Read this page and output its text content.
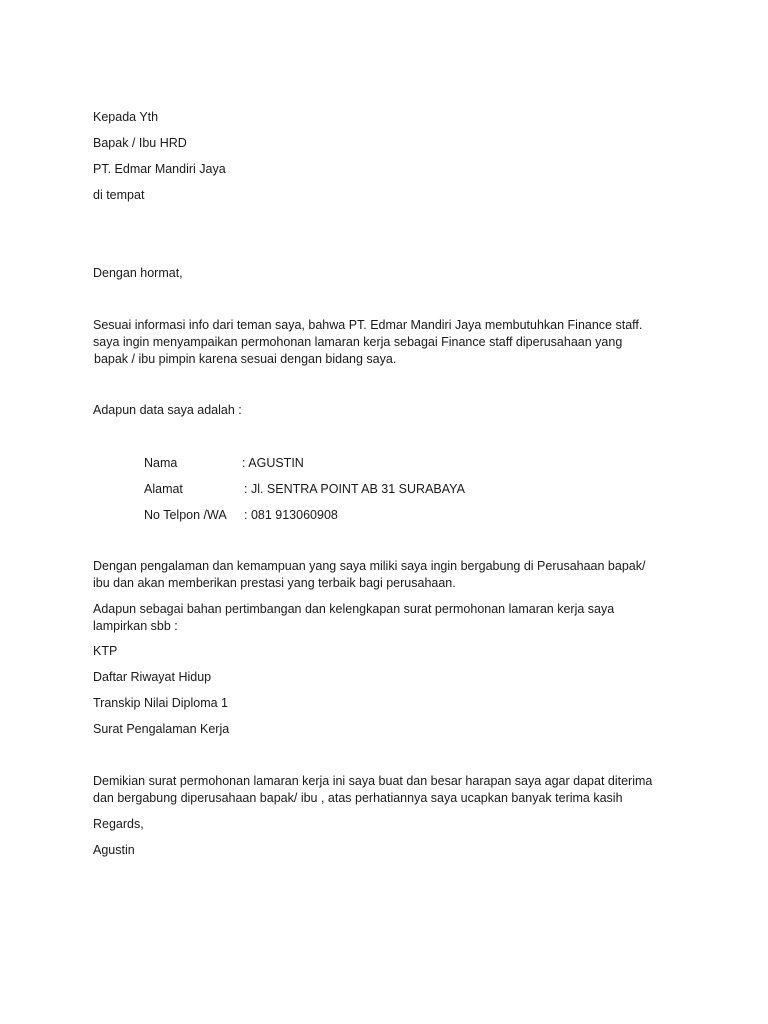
Kepada Yth
Bapak / Ibu HRD
PT. Edmar Mandiri Jaya
di tempat
Dengan hormat,
Sesuai informasi info dari teman saya, bahwa PT. Edmar Mandiri Jaya membutuhkan Finance staff.
saya ingin menyampaikan permohonan lamaran kerja sebagai Finance staff diperusahaan yang
bapak / ibu pimpin karena sesuai dengan bidang saya.
Adapun data saya adalah :
Nama	: AGUSTIN
Alamat	: Jl. SENTRA POINT AB 31 SURABAYA
No Telpon /WA : 081 913060908
Dengan pengalaman dan kemampuan yang saya miliki saya ingin bergabung di Perusahaan bapak/
ibu dan akan memberikan prestasi yang terbaik bagi perusahaan.
Adapun sebagai bahan pertimbangan dan kelengkapan surat permohonan lamaran kerja saya
lampirkan sbb :
KTP
Daftar Riwayat Hidup
Transkip Nilai Diploma 1
Surat Pengalaman Kerja
Demikian surat permohonan lamaran kerja ini saya buat dan besar harapan saya agar dapat diterima
dan bergabung diperusahaan bapak/ ibu , atas perhatiannya saya ucapkan banyak terima kasih
Regards,
Agustin
